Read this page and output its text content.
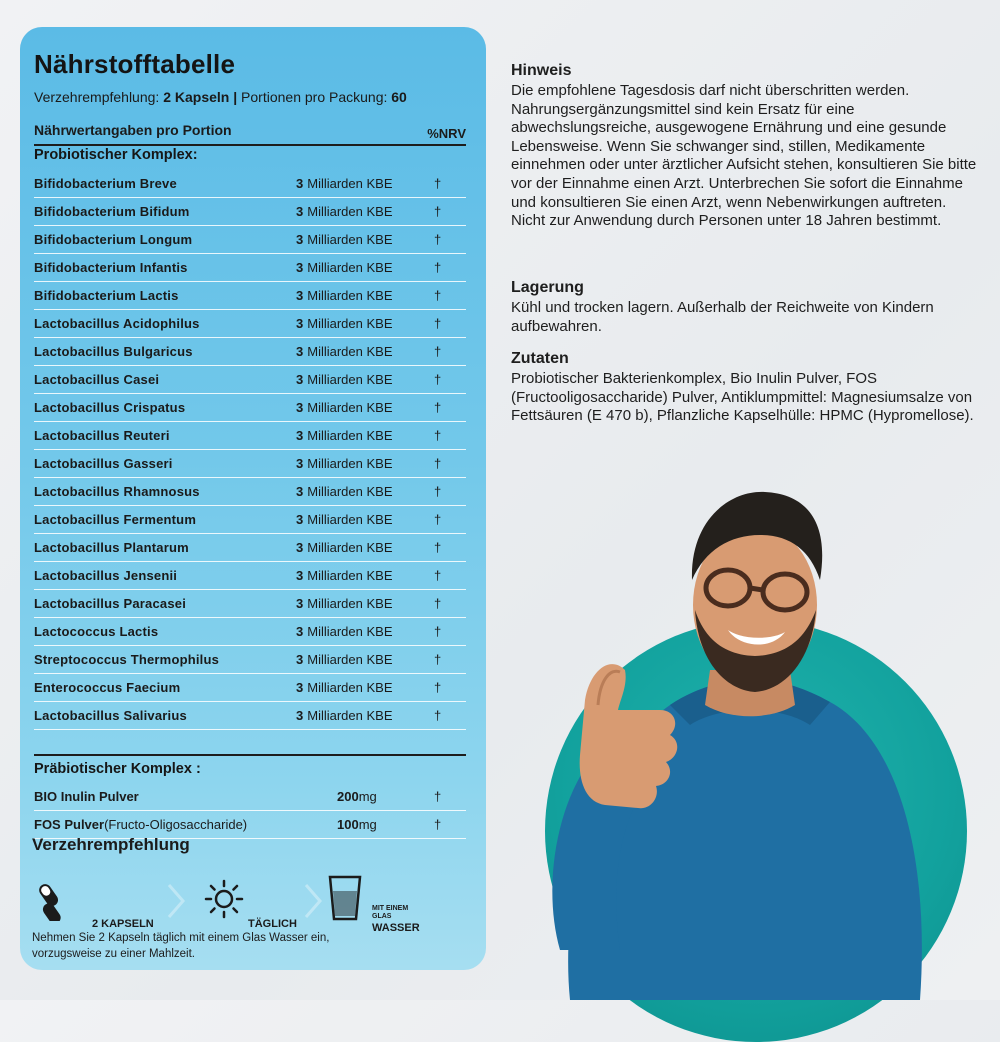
Nährstofftabelle
Verzehrempfehlung: 2 Kapseln | Portionen pro Packung: 60
Nährwertangaben pro Portion	%NRV
Probiotischer Komplex:
Bifidobacterium Breve	3 Milliarden KBE	†
Bifidobacterium Bifidum	3 Milliarden KBE	†
Bifidobacterium Longum	3 Milliarden KBE	†
Bifidobacterium Infantis	3 Milliarden KBE	†
Bifidobacterium Lactis	3 Milliarden KBE	†
Lactobacillus Acidophilus	3 Milliarden KBE	†
Lactobacillus Bulgaricus	3 Milliarden KBE	†
Lactobacillus Casei	3 Milliarden KBE	†
Lactobacillus Crispatus	3 Milliarden KBE	†
Lactobacillus Reuteri	3 Milliarden KBE	†
Lactobacillus Gasseri	3 Milliarden KBE	†
Lactobacillus Rhamnosus	3 Milliarden KBE	†
Lactobacillus Fermentum	3 Milliarden KBE	†
Lactobacillus Plantarum	3 Milliarden KBE	†
Lactobacillus Jensenii	3 Milliarden KBE	†
Lactobacillus Paracasei	3 Milliarden KBE	†
Lactococcus Lactis	3 Milliarden KBE	†
Streptococcus Thermophilus	3 Milliarden KBE	†
Enterococcus Faecium	3 Milliarden KBE	†
Lactobacillus Salivarius	3 Milliarden KBE	†
Präbiotischer Komplex :
BIO Inulin Pulver	200mg	†
FOS Pulver(Fructo-Oligosaccharide)	100mg	†
Verzehrempfehlung
2 KAPSELN	TÄGLICH
MIT EINEM
GLAS
WASSER
Nehmen Sie 2 Kapseln täglich mit einem Glas Wasser ein,
vorzugsweise zu einer Mahlzeit.
Hinweis

Die empfohlene Tagesdosis darf nicht überschritten werden. Nahrungsergänzungsmittel sind kein Ersatz für eine abwechslungsreiche, ausgewogene Ernährung und eine gesunde Lebensweise. Wenn Sie schwanger sind, stillen, Medikamente einnehmen oder unter ärztlicher Aufsicht stehen, konsultieren Sie bitte vor der Einnahme einen Arzt. Unterbrechen Sie sofort die Einnahme und konsultieren Sie einen Arzt, wenn Nebenwirkungen auftreten. Nicht zur Anwendung durch Personen unter 18 Jahren bestimmt.

Lagerung

Kühl und trocken lagern. Außerhalb der Reichweite von Kindern aufbewahren.

Zutaten

Probiotischer Bakterienkomplex, Bio Inulin Pulver, FOS (Fructooligosaccharide) Pulver, Antiklumpmittel: Magnesiumsalze von Fettsäuren (E 470 b), Pflanzliche Kapselhülle: HPMC (Hypromellose).
